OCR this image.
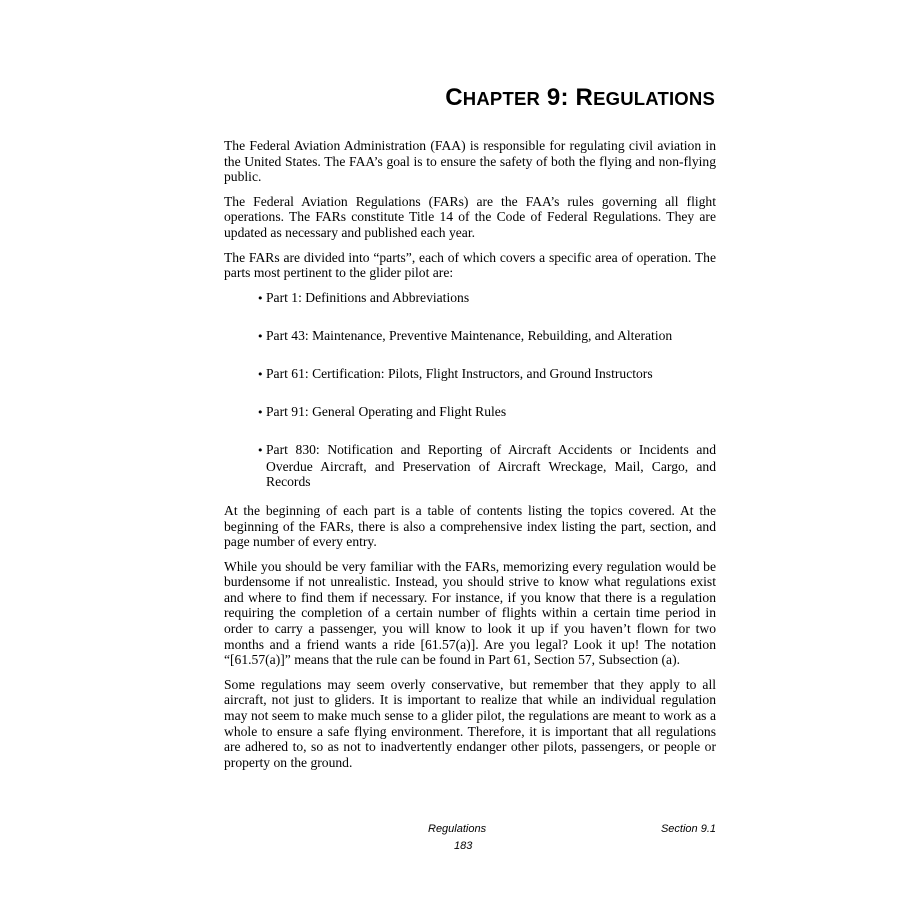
CHAPTER 9: REGULATIONS

The Federal Aviation Administration (FAA) is responsible for regulating civil aviation in the United States. The FAA’s goal is to ensure the safety of both the flying and non-flying public.

The Federal Aviation Regulations (FARs) are the FAA’s rules governing all flight operations. The FARs constitute Title 14 of the Code of Federal Regulations. They are updated as necessary and published each year.

The FARs are divided into “parts”, each of which covers a specific area of operation. The parts most pertinent to the glider pilot are:

• Part 1: Definitions and Abbreviations
• Part 43: Maintenance, Preventive Maintenance, Rebuilding, and Alteration
• Part 61: Certification: Pilots, Flight Instructors, and Ground Instructors
• Part 91: General Operating and Flight Rules
• Part 830: Notification and Reporting of Aircraft Accidents or Incidents and Overdue Aircraft, and Preservation of Aircraft Wreckage, Mail, Cargo, and Records

At the beginning of each part is a table of contents listing the topics covered. At the beginning of the FARs, there is also a comprehensive index listing the part, section, and page number of every entry.

While you should be very familiar with the FARs, memorizing every regulation would be burdensome if not unrealistic. Instead, you should strive to know what regulations exist and where to find them if necessary. For instance, if you know that there is a regulation requiring the completion of a certain number of flights within a certain time period in order to carry a passenger, you will know to look it up if you haven’t flown for two months and a friend wants a ride [61.57(a)]. Are you legal? Look it up! The notation “[61.57(a)]” means that the rule can be found in Part 61, Section 57, Subsection (a).

Some regulations may seem overly conservative, but remember that they apply to all aircraft, not just to gliders. It is important to realize that while an individual regulation may not seem to make much sense to a glider pilot, the regulations are meant to work as a whole to ensure a safe flying environment. Therefore, it is important that all regulations are adhered to, so as not to inadvertently endanger other pilots, passengers, or people or property on the ground.

Regulations	Section 9.1
183
